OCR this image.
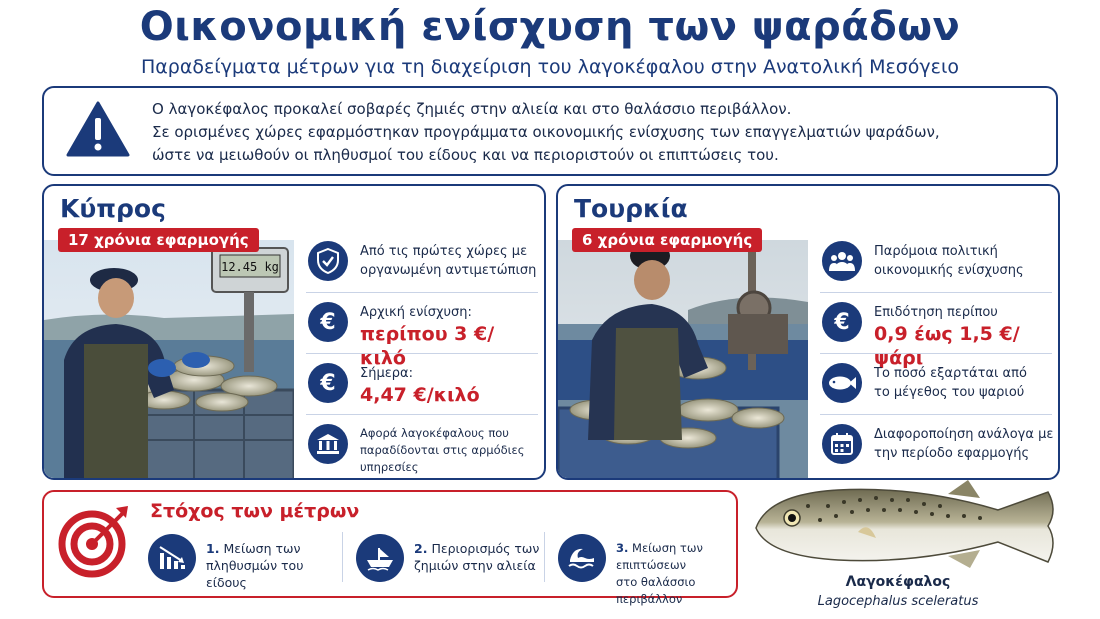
Οικονομική ενίσχυση των ψαράδων
Παραδείγματα μέτρων για τη διαχείριση του λαγοκέφαλου στην Ανατολική Μεσόγειο
Ο λαγοκέφαλος προκαλεί σοβαρές ζημιές στην αλιεία και στο θαλάσσιο περιβάλλον.
Σε ορισμένες χώρες εφαρμόστηκαν προγράμματα οικονομικής ενίσχυσης των επαγγελματιών ψαράδων,
ώστε να μειωθούν οι πληθυσμοί του είδους και να περιοριστούν οι επιπτώσεις του.
Κύπρος
17 χρόνια εφαρμογής
12.45 kg
Από τις πρώτες χώρες με
οργανωμένη αντιμετώπιση
€	Αρχική ενίσχυση:
περίπου 3 €/κιλό
€	Σήμερα:
4,47 €/κιλό
Αφορά λαγοκέφαλους που
παραδίδονται στις αρμόδιες υπηρεσίες
Τουρκία
6 χρόνια εφαρμογής
Παρόμοια πολιτική
οικονομικής ενίσχυσης
€	Επιδότηση περίπου
0,9 έως 1,5 €/ψάρι
Το ποσό εξαρτάται από
το μέγεθος του ψαριού
Διαφοροποίηση ανάλογα με
την περίοδο εφαρμογής
Στόχος των μέτρων
1. Μείωση των
πληθυσμών του είδους
2. Περιορισμός των
ζημιών στην αλιεία
3. Μείωση των επιπτώσεων
στο θαλάσσιο περιβάλλον
Λαγοκέφαλος
Lagocephalus sceleratus
